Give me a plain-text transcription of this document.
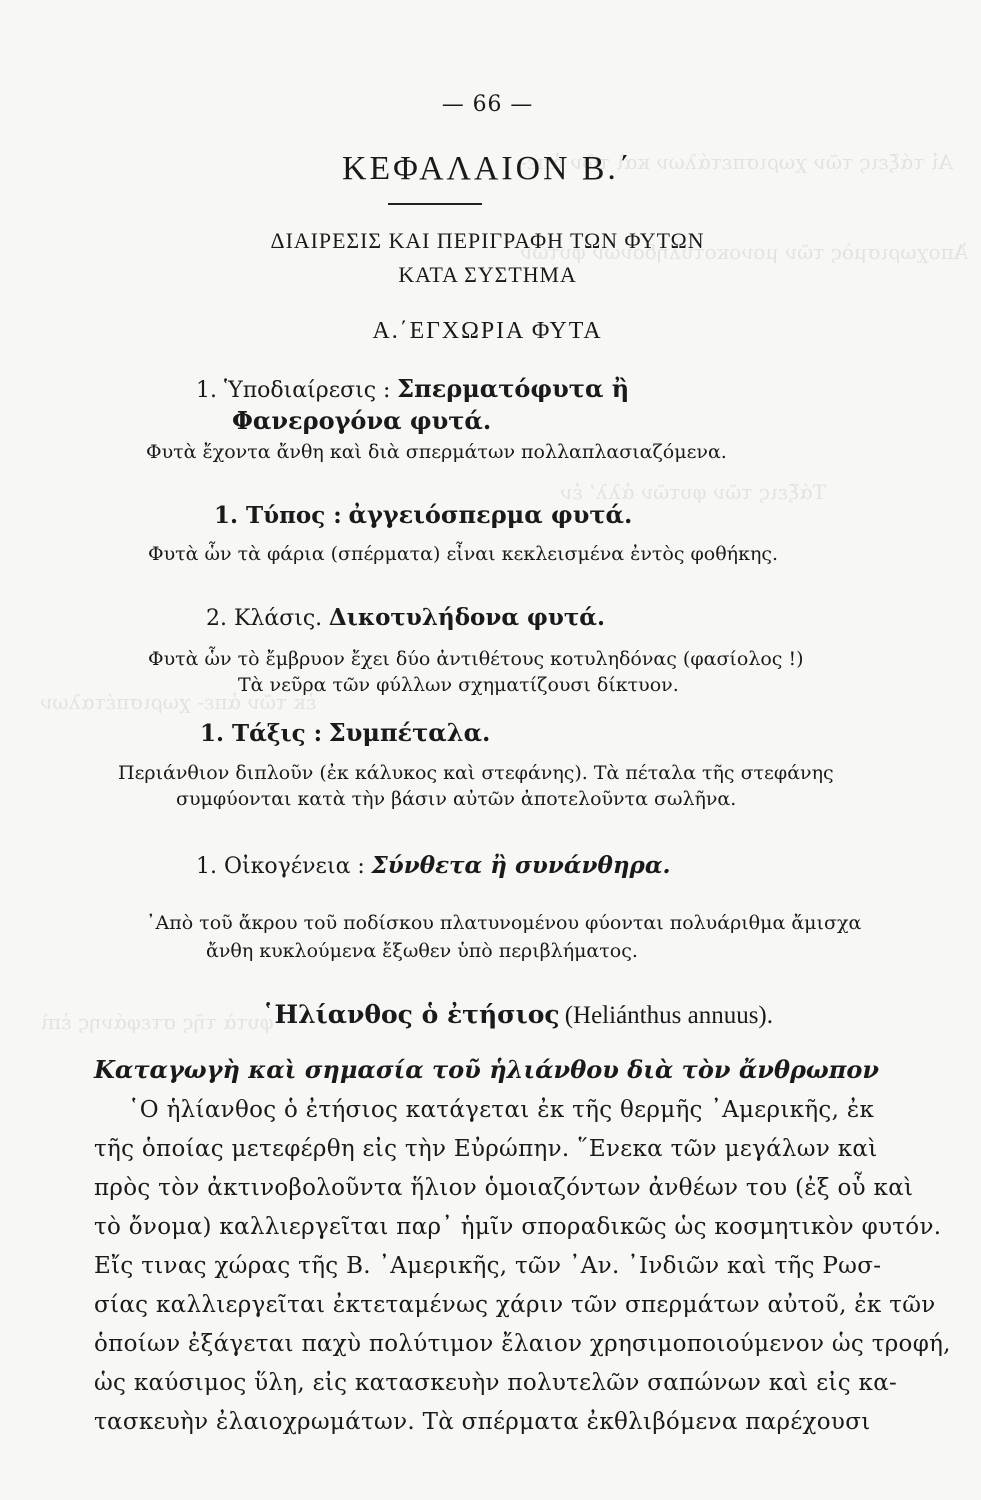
Αἱ τάξεις τῶν χωρισπετάλων καὶ τῶν ἀπε-
Ἀποχωρισμὸς τῶν μονοκοτυλήδονων φυτῶν
Τάξεις τῶν φυτῶν ἀλλ’ ἐν
ἐκ τῶν ἀπε- χωρισπέταλων
φυτὰ τῆς στεφάνης ἐπὶ
— 66 —
ΚΕΦΑΛΑΙΟΝ Β.΄
ΔΙΑΙΡΕΣΙΣ ΚΑΙ ΠΕΡΙΓΡΑΦΗ ΤΩΝ ΦΥΤΩΝ
ΚΑΤΑ ΣΥΣΤΗΜΑ
Α.΄ΕΓΧΩΡΙΑ ΦΥΤΑ
1. Ὑποδιαίρεσις : Σπερματόφυτα ἢ
Φανερογόνα φυτά.
Φυτὰ ἔχοντα ἄνθη καὶ διὰ σπερμάτων πολλαπλασιαζόμενα.
1. Τύπος : ἀγγειόσπερμα φυτά.
Φυτὰ ὧν τὰ φάρια (σπέρματα) εἶναι κεκλεισμένα ἐντὸς φοθήκης.
2. Κλάσις. Δικοτυλήδονα φυτά.
Φυτὰ ὧν τὸ ἔμβρυον ἔχει δύο ἀντιθέτους κοτυληδόνας (φασίολος !)
Τὰ νεῦρα τῶν φύλλων σχηματίζουσι δίκτυον.
1. Τάξις : Συμπέταλα.
Περιάνθιον διπλοῦν (ἐκ κάλυκος καὶ στεφάνης). Τὰ πέταλα τῆς στεφάνης
συμφύονται κατὰ τὴν βάσιν αὐτῶν ἀποτελοῦντα σωλῆνα.
1. Οἰκογένεια : Σύνθετα ἢ συνάνθηρα.
᾿Απὸ τοῦ ἄκρου τοῦ ποδίσκου πλατυνομένου φύονται πολυάριθμα ἄμισχα
ἄνθη κυκλούμενα ἔξωθεν ὑπὸ περιβλήματος.
῾Ηλίανθος ὁ ἐτήσιος (Heliánthus annuus).
Καταγωγὴ καὶ σημασία τοῦ ἡλιάνθου διὰ τὸν ἄνθρωπον
῾Ο ἡλίανθος ὁ ἐτήσιος κατάγεται ἐκ τῆς θερμῆς ᾿Αμερικῆς, ἐκ
τῆς ὁποίας μετεφέρθη εἰς τὴν Εὐρώπην. ῞Ενεκα τῶν μεγάλων καὶ
πρὸς τὸν ἀκτινοβολοῦντα ἥλιον ὁμοιαζόντων ἀνθέων του (ἐξ οὗ καὶ
τὸ ὄνομα) καλλιεργεῖται παρ᾿ ἡμῖν σποραδικῶς ὡς κοσμητικὸν φυτόν.
Εἴς τινας χώρας τῆς Β. ᾿Αμερικῆς, τῶν ᾿Αν. ᾿Ινδιῶν καὶ τῆς Ρωσ-
σίας καλλιεργεῖται ἐκτεταμένως χάριν τῶν σπερμάτων αὐτοῦ, ἐκ τῶν
ὁποίων ἐξάγεται παχὺ πολύτιμον ἔλαιον χρησιμοποιούμενον ὡς τροφή,
ὡς καύσιμος ὕλη, εἰς κατασκευὴν πολυτελῶν σαπώνων καὶ εἰς κα-
τασκευὴν ἐλαιοχρωμάτων. Τὰ σπέρματα ἐκθλιβόμενα παρέχουσι
